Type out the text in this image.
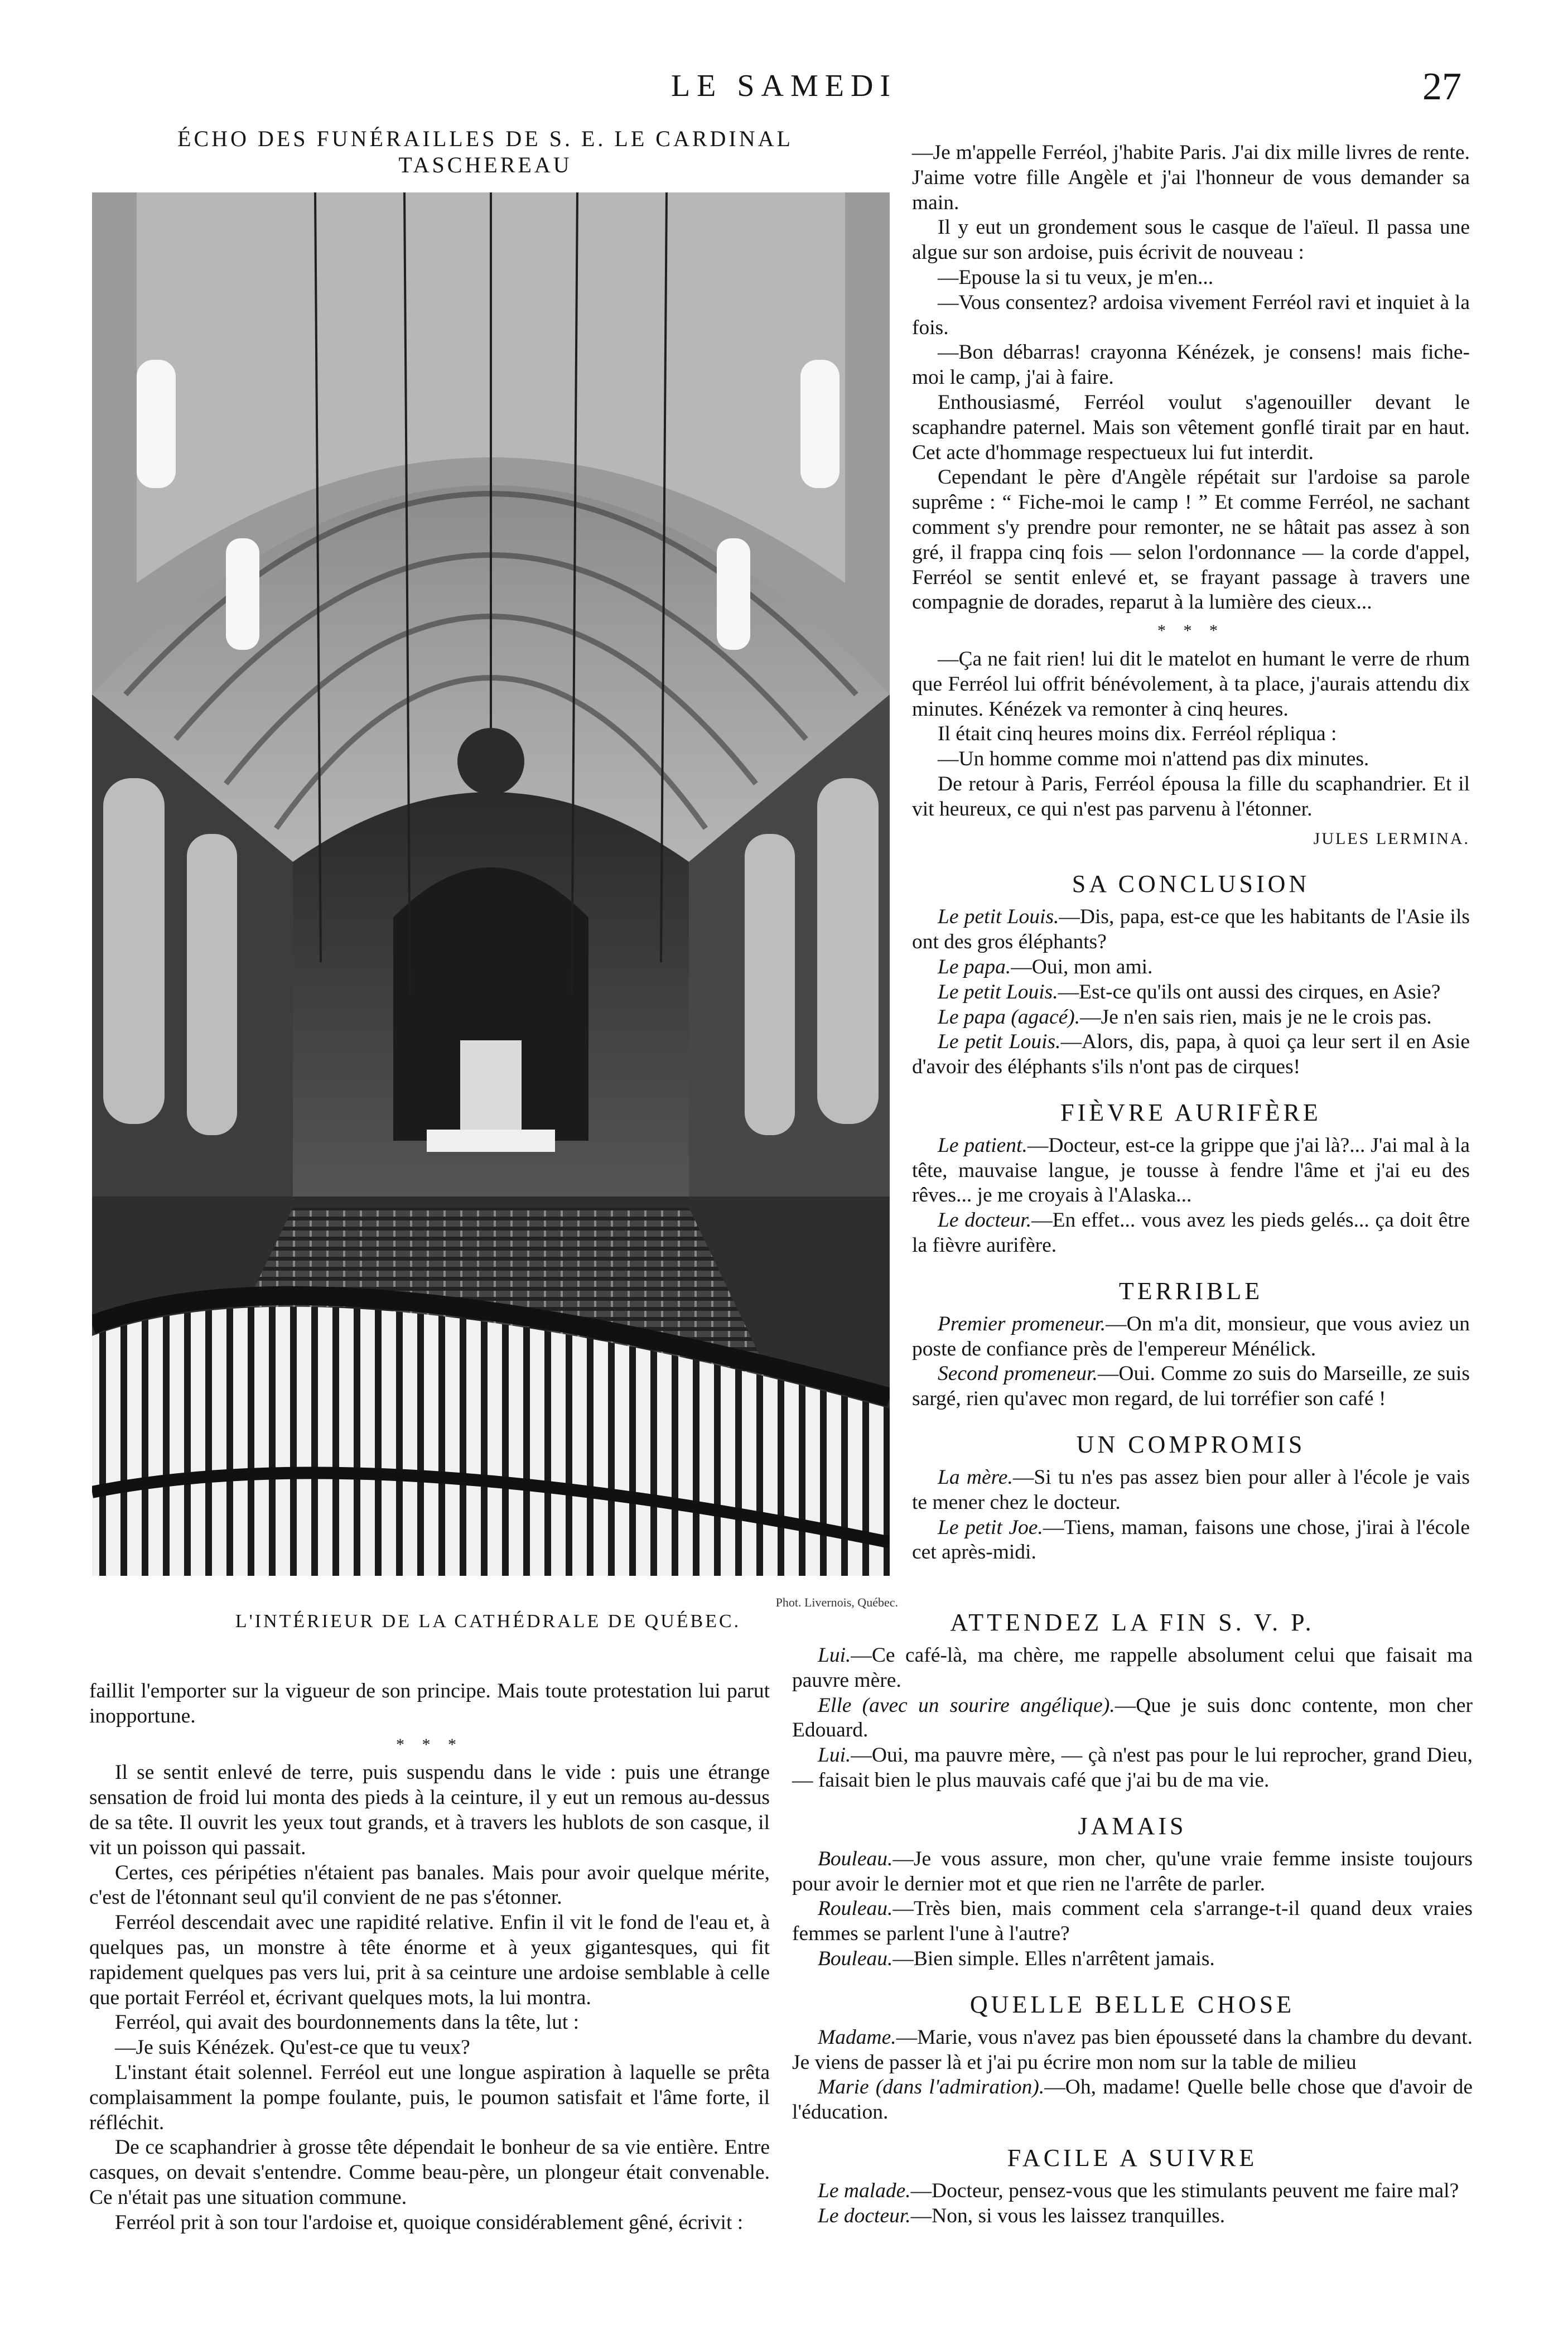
LE SAMEDI	27
ÉCHO DES FUNÉRAILLES DE S. E. LE CARDINAL TASCHEREAU
Phot. Livernois, Québec.
L'INTÉRIEUR DE LA CATHÉDRALE DE QUÉBEC.

—Je m'appelle Ferréol, j'habite Paris. J'ai dix mille livres de rente. J'aime votre fille Angèle et j'ai l'honneur de vous demander sa main.

Il y eut un grondement sous le casque de l'aïeul. Il passa une algue sur son ardoise, puis écrivit de nouveau :

—Epouse la si tu veux, je m'en...

—Vous consentez? ardoisa vivement Ferréol ravi et inquiet à la fois.

—Bon débarras! crayonna Kénézek, je consens! mais fiche-moi le camp, j'ai à faire.

Enthousiasmé, Ferréol voulut s'agenouiller devant le scaphandre paternel. Mais son vêtement gonflé tirait par en haut. Cet acte d'hommage respectueux lui fut interdit.

Cependant le père d'Angèle répétait sur l'ardoise sa parole suprême : “ Fiche-moi le camp ! ” Et comme Ferréol, ne sachant comment s'y prendre pour remonter, ne se hâtait pas assez à son gré, il frappa cinq fois — selon l'ordonnance — la corde d'appel, Ferréol se sentit enlevé et, se frayant passage à travers une compagnie de dorades, reparut à la lumière des cieux...

* * *

—Ça ne fait rien! lui dit le matelot en humant le verre de rhum que Ferréol lui offrit bénévolement, à ta place, j'aurais attendu dix minutes. Kénézek va remonter à cinq heures.

Il était cinq heures moins dix. Ferréol répliqua :

—Un homme comme moi n'attend pas dix minutes.

De retour à Paris, Ferréol épousa la fille du scaphandrier. Et il vit heureux, ce qui n'est pas parvenu à l'étonner.

JULES LERMINA.

SA CONCLUSION

Le petit Louis.—Dis, papa, est-ce que les habitants de l'Asie ils ont des gros éléphants?

Le papa.—Oui, mon ami.

Le petit Louis.—Est-ce qu'ils ont aussi des cirques, en Asie?

Le papa (agacé).—Je n'en sais rien, mais je ne le crois pas.

Le petit Louis.—Alors, dis, papa, à quoi ça leur sert il en Asie d'avoir des éléphants s'ils n'ont pas de cirques!

FIÈVRE AURIFÈRE

Le patient.—Docteur, est-ce la grippe que j'ai là?... J'ai mal à la tête, mauvaise langue, je tousse à fendre l'âme et j'ai eu des rêves... je me croyais à l'Alaska...

Le docteur.—En effet... vous avez les pieds gelés... ça doit être la fièvre aurifère.

TERRIBLE

Premier promeneur.—On m'a dit, monsieur, que vous aviez un poste de confiance près de l'empereur Ménélick.

Second promeneur.—Oui. Comme zo suis do Marseille, ze suis sargé, rien qu'avec mon regard, de lui torréfier son café !

UN COMPROMIS

La mère.—Si tu n'es pas assez bien pour aller à l'école je vais te mener chez le docteur.

Le petit Joe.—Tiens, maman, faisons une chose, j'irai à l'école cet après-midi.

ATTENDEZ LA FIN S. V. P.

Lui.—Ce café-là, ma chère, me rappelle absolument celui que faisait ma pauvre mère.

Elle (avec un sourire angélique).—Que je suis donc contente, mon cher Edouard.

Lui.—Oui, ma pauvre mère, — çà n'est pas pour le lui reprocher, grand Dieu, — faisait bien le plus mauvais café que j'ai bu de ma vie.

JAMAIS

Bouleau.—Je vous assure, mon cher, qu'une vraie femme insiste toujours pour avoir le dernier mot et que rien ne l'arrête de parler.

Rouleau.—Très bien, mais comment cela s'arrange-t-il quand deux vraies femmes se parlent l'une à l'autre?

Bouleau.—Bien simple. Elles n'arrêtent jamais.

QUELLE BELLE CHOSE

Madame.—Marie, vous n'avez pas bien épousseté dans la chambre du devant. Je viens de passer là et j'ai pu écrire mon nom sur la table de milieu

Marie (dans l'admiration).—Oh, madame! Quelle belle chose que d'avoir de l'éducation.

FACILE A SUIVRE

Le malade.—Docteur, pensez-vous que les stimulants peuvent me faire mal?

Le docteur.—Non, si vous les laissez tranquilles.

faillit l'emporter sur la vigueur de son principe. Mais toute protestation lui parut inopportune.

* * *

Il se sentit enlevé de terre, puis suspendu dans le vide : puis une étrange sensation de froid lui monta des pieds à la ceinture, il y eut un remous au-dessus de sa tête. Il ouvrit les yeux tout grands, et à travers les hublots de son casque, il vit un poisson qui passait.

Certes, ces péripéties n'étaient pas banales. Mais pour avoir quelque mérite, c'est de l'étonnant seul qu'il convient de ne pas s'étonner.

Ferréol descendait avec une rapidité relative. Enfin il vit le fond de l'eau et, à quelques pas, un monstre à tête énorme et à yeux gigantesques, qui fit rapidement quelques pas vers lui, prit à sa ceinture une ardoise semblable à celle que portait Ferréol et, écrivant quelques mots, la lui montra.

Ferréol, qui avait des bourdonnements dans la tête, lut :

—Je suis Kénézek. Qu'est-ce que tu veux?

L'instant était solennel. Ferréol eut une longue aspiration à laquelle se prêta complaisamment la pompe foulante, puis, le poumon satisfait et l'âme forte, il réfléchit.

De ce scaphandrier à grosse tête dépendait le bonheur de sa vie entière. Entre casques, on devait s'entendre. Comme beau-père, un plongeur était convenable. Ce n'était pas une situation commune.

Ferréol prit à son tour l'ardoise et, quoique considérablement gêné, écrivit :
